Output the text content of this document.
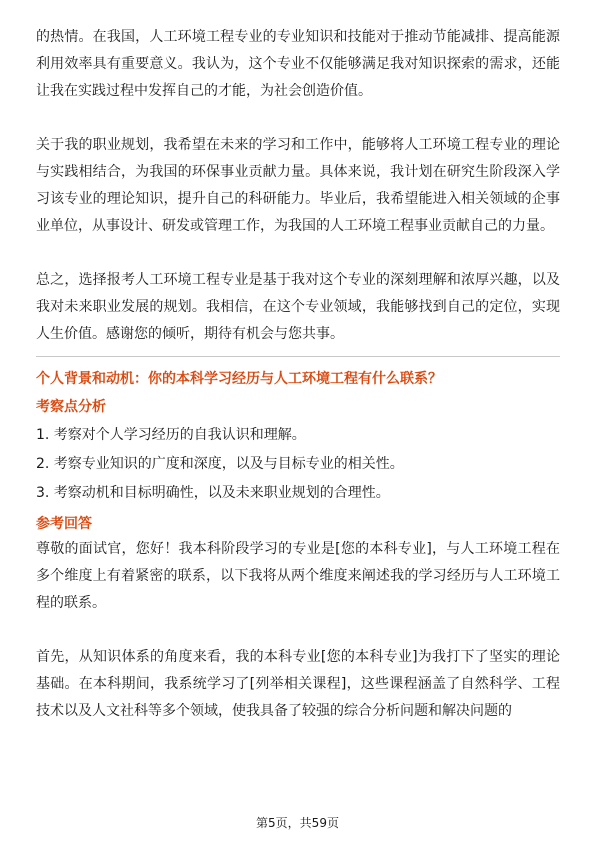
的热情。在我国，人工环境工程专业的专业知识和技能对于推动节能减排、提高能源利用效率具有重要意义。我认为，这个专业不仅能够满足我对知识探索的需求，还能让我在实践过程中发挥自己的才能，为社会创造价值。

关于我的职业规划，我希望在未来的学习和工作中，能够将人工环境工程专业的理论与实践相结合，为我国的环保事业贡献力量。具体来说，我计划在研究生阶段深入学习该专业的理论知识，提升自己的科研能力。毕业后，我希望能进入相关领域的企事业单位，从事设计、研发或管理工作，为我国的人工环境工程事业贡献自己的力量。

总之，选择报考人工环境工程专业是基于我对这个专业的深刻理解和浓厚兴趣，以及我对未来职业发展的规划。我相信，在这个专业领域，我能够找到自己的定位，实现人生价值。感谢您的倾听，期待有机会与您共事。

个人背景和动机：你的本科学习经历与人工环境工程有什么联系？
考察点分析
1. 考察对个人学习经历的自我认识和理解。
2. 考察专业知识的广度和深度，以及与目标专业的相关性。
3. 考察动机和目标明确性，以及未来职业规划的合理性。
参考回答

尊敬的面试官，您好！我本科阶段学习的专业是[您的本科专业]，与人工环境工程在多个维度上有着紧密的联系，以下我将从两个维度来阐述我的学习经历与人工环境工程的联系。

首先，从知识体系的角度来看，我的本科专业[您的本科专业]为我打下了坚实的理论基础。在本科期间，我系统学习了[列举相关课程]，这些课程涵盖了自然科学、工程技术以及人文社科等多个领域，使我具备了较强的综合分析问题和解决问题的

第5页，共59页
